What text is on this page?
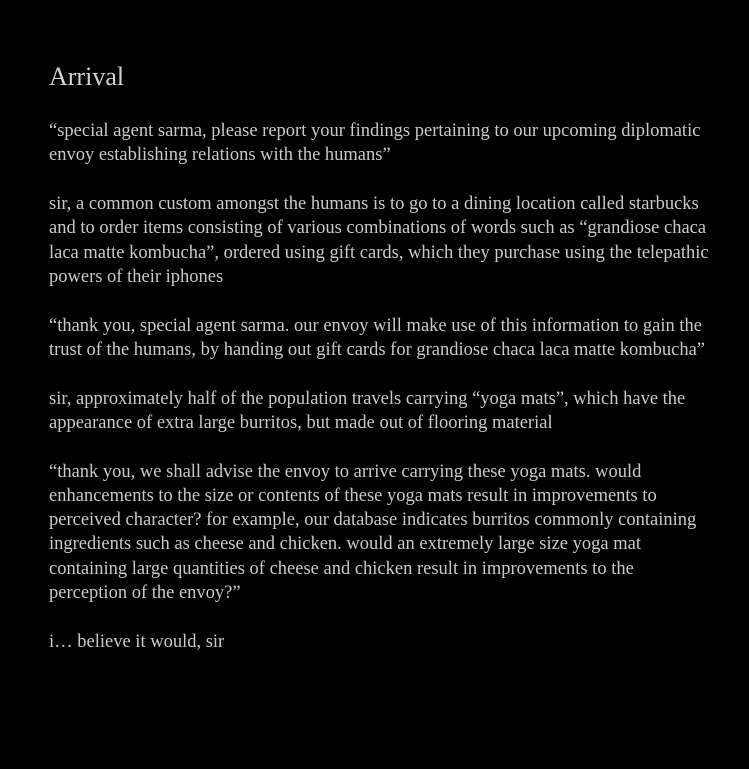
Arrival

“special agent sarma, please report your findings pertaining to our upcoming diplomatic envoy establishing relations with the humans”

sir, a common custom amongst the humans is to go to a dining location called starbucks and to order items consisting of various combinations of words such as “grandiose chaca laca matte kombucha”, ordered using gift cards, which they purchase using the telepathic powers of their iphones

“thank you, special agent sarma. our envoy will make use of this information to gain the trust of the humans, by handing out gift cards for grandiose chaca laca matte kombucha”

sir, approximately half of the population travels carrying “yoga mats”, which have the appearance of extra large burritos, but made out of flooring material

“thank you, we shall advise the envoy to arrive carrying these yoga mats. would enhancements to the size or contents of these yoga mats result in improvements to perceived character? for example, our database indicates burritos commonly containing ingredients such as cheese and chicken. would an extremely large size yoga mat containing large quantities of cheese and chicken result in improvements to the perception of the envoy?”

i… believe it would, sir
